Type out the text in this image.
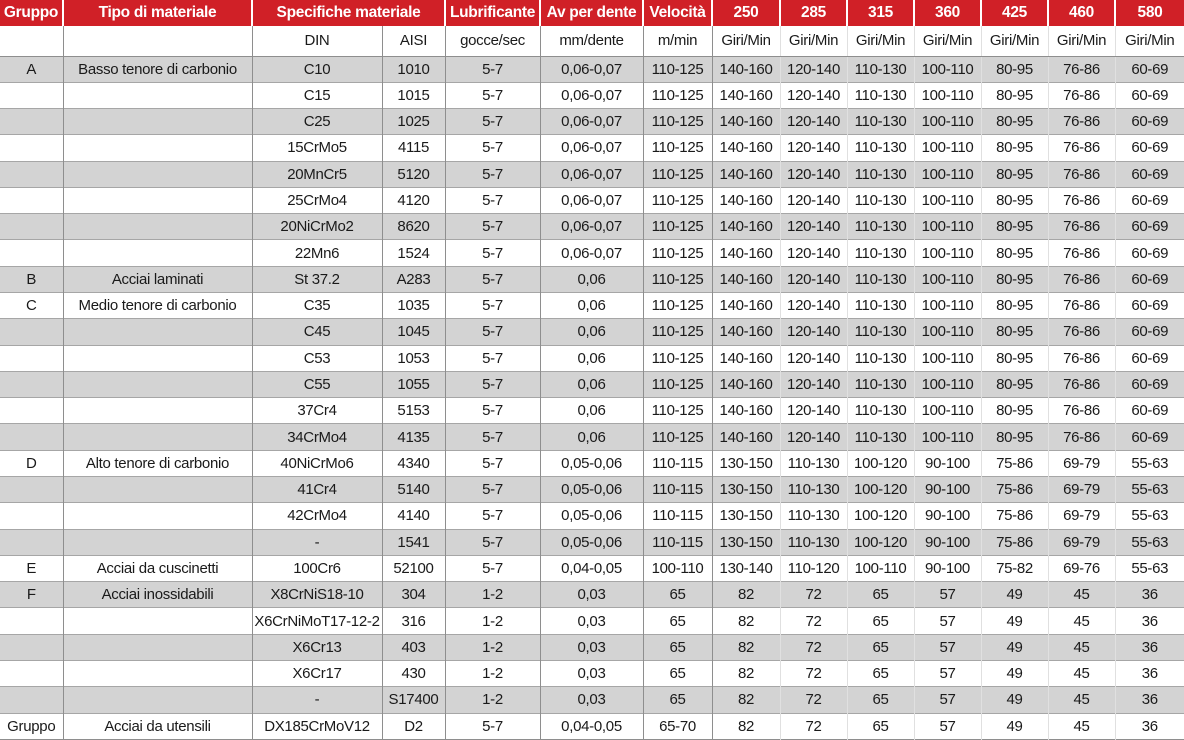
Gruppo	Tipo di materiale	Specifiche materiale		Lubrificante	Av per dente	Velocità	250	285	315	360	425	460	580
		DIN	AISI	gocce/sec	mm/dente	m/min	Giri/Min	Giri/Min	Giri/Min	Giri/Min	Giri/Min	Giri/Min	Giri/Min
A	Basso tenore di carbonio	C10	1010	5-7	0,06-0,07	110-125	140-160	120-140	110-130	100-110	80-95	76-86	60-69
		C15	1015	5-7	0,06-0,07	110-125	140-160	120-140	110-130	100-110	80-95	76-86	60-69
		C25	1025	5-7	0,06-0,07	110-125	140-160	120-140	110-130	100-110	80-95	76-86	60-69
		15CrMo5	4115	5-7	0,06-0,07	110-125	140-160	120-140	110-130	100-110	80-95	76-86	60-69
		20MnCr5	5120	5-7	0,06-0,07	110-125	140-160	120-140	110-130	100-110	80-95	76-86	60-69
		25CrMo4	4120	5-7	0,06-0,07	110-125	140-160	120-140	110-130	100-110	80-95	76-86	60-69
		20NiCrMo2	8620	5-7	0,06-0,07	110-125	140-160	120-140	110-130	100-110	80-95	76-86	60-69
		22Mn6	1524	5-7	0,06-0,07	110-125	140-160	120-140	110-130	100-110	80-95	76-86	60-69
B	Acciai laminati	St 37.2	A283	5-7	0,06	110-125	140-160	120-140	110-130	100-110	80-95	76-86	60-69
C	Medio tenore di carbonio	C35	1035	5-7	0,06	110-125	140-160	120-140	110-130	100-110	80-95	76-86	60-69
		C45	1045	5-7	0,06	110-125	140-160	120-140	110-130	100-110	80-95	76-86	60-69
		C53	1053	5-7	0,06	110-125	140-160	120-140	110-130	100-110	80-95	76-86	60-69
		C55	1055	5-7	0,06	110-125	140-160	120-140	110-130	100-110	80-95	76-86	60-69
		37Cr4	5153	5-7	0,06	110-125	140-160	120-140	110-130	100-110	80-95	76-86	60-69
		34CrMo4	4135	5-7	0,06	110-125	140-160	120-140	110-130	100-110	80-95	76-86	60-69
D	Alto tenore di carbonio	40NiCrMo6	4340	5-7	0,05-0,06	110-115	130-150	110-130	100-120	90-100	75-86	69-79	55-63
		41Cr4	5140	5-7	0,05-0,06	110-115	130-150	110-130	100-120	90-100	75-86	69-79	55-63
		42CrMo4	4140	5-7	0,05-0,06	110-115	130-150	110-130	100-120	90-100	75-86	69-79	55-63
		-	1541	5-7	0,05-0,06	110-115	130-150	110-130	100-120	90-100	75-86	69-79	55-63
E	Acciai da cuscinetti	100Cr6	52100	5-7	0,04-0,05	100-110	130-140	110-120	100-110	90-100	75-82	69-76	55-63
F	Acciai inossidabili	X8CrNiS18-10	304	1-2	0,03	65	82	72	65	57	49	45	36
		X6CrNiMoT17-12-2	316	1-2	0,03	65	82	72	65	57	49	45	36
		X6Cr13	403	1-2	0,03	65	82	72	65	57	49	45	36
		X6Cr17	430	1-2	0,03	65	82	72	65	57	49	45	36
		-	S17400	1-2	0,03	65	82	72	65	57	49	45	36
Gruppo	Acciai da utensili	DX185CrMoV12	D2	5-7	0,04-0,05	65-70	82	72	65	57	49	45	36
